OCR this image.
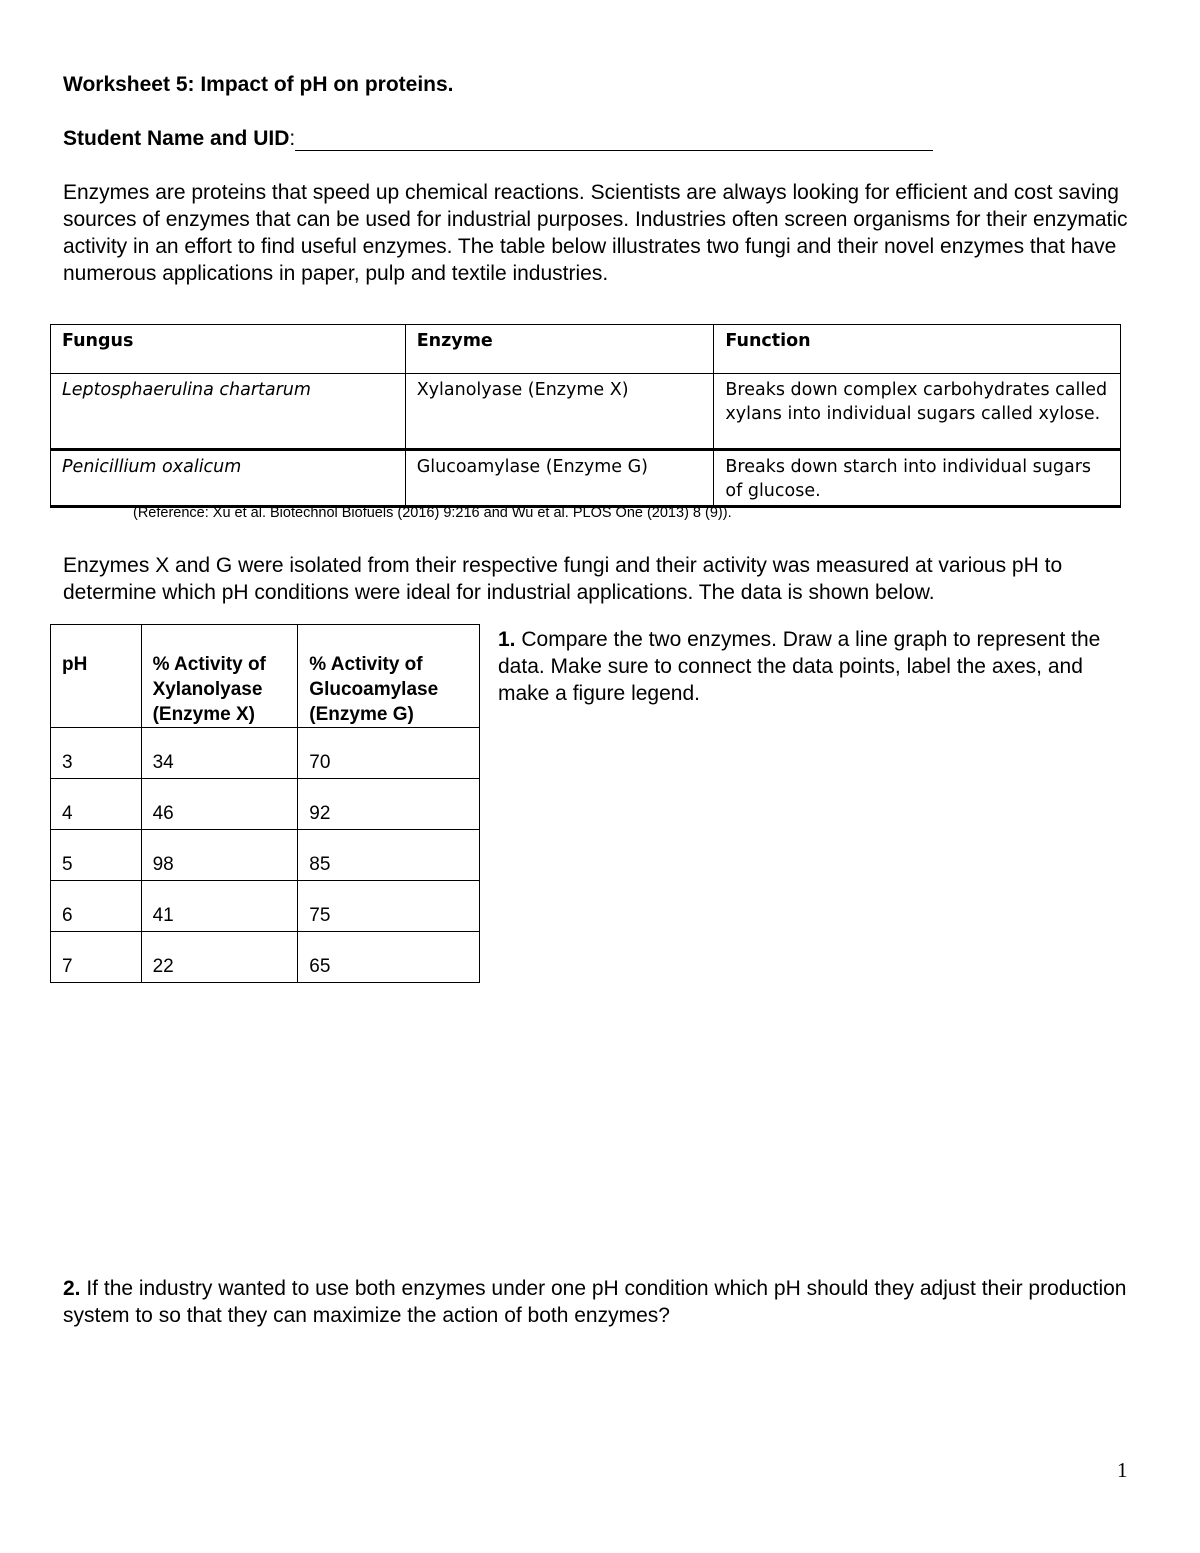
Worksheet 5: Impact of pH on proteins.
Student Name and UID:
Enzymes are proteins that speed up chemical reactions. Scientists are always looking for efficient and cost saving sources of enzymes that can be used for industrial purposes. Industries often screen organisms for their enzymatic activity in an effort to find useful enzymes. The table below illustrates two fungi and their novel enzymes that have numerous applications in paper, pulp and textile industries.
Fungus	Enzyme	Function
Leptosphaerulina chartarum	Xylanolyase (Enzyme X)	Breaks down complex carbohydrates called xylans into individual sugars called xylose.
Penicillium oxalicum	Glucoamylase (Enzyme G)	Breaks down starch into individual sugars of glucose.
(Reference: Xu et al. Biotechnol Biofuels (2016) 9:216 and Wu et al. PLOS One (2013) 8 (9)).
Enzymes X and G were isolated from their respective fungi and their activity was measured at various pH to determine which pH conditions were ideal for industrial applications. The data is shown below.
pH	% Activity of Xylanolyase (Enzyme X)	% Activity of Glucoamylase (Enzyme G)
3	34	70
4	46	92
5	98	85
6	41	75
7	22	65
1. Compare the two enzymes. Draw a line graph to represent the data. Make sure to connect the data points, label the axes, and make a figure legend.
2. If the industry wanted to use both enzymes under one pH condition which pH should they adjust their production system to so that they can maximize the action of both enzymes?
1
